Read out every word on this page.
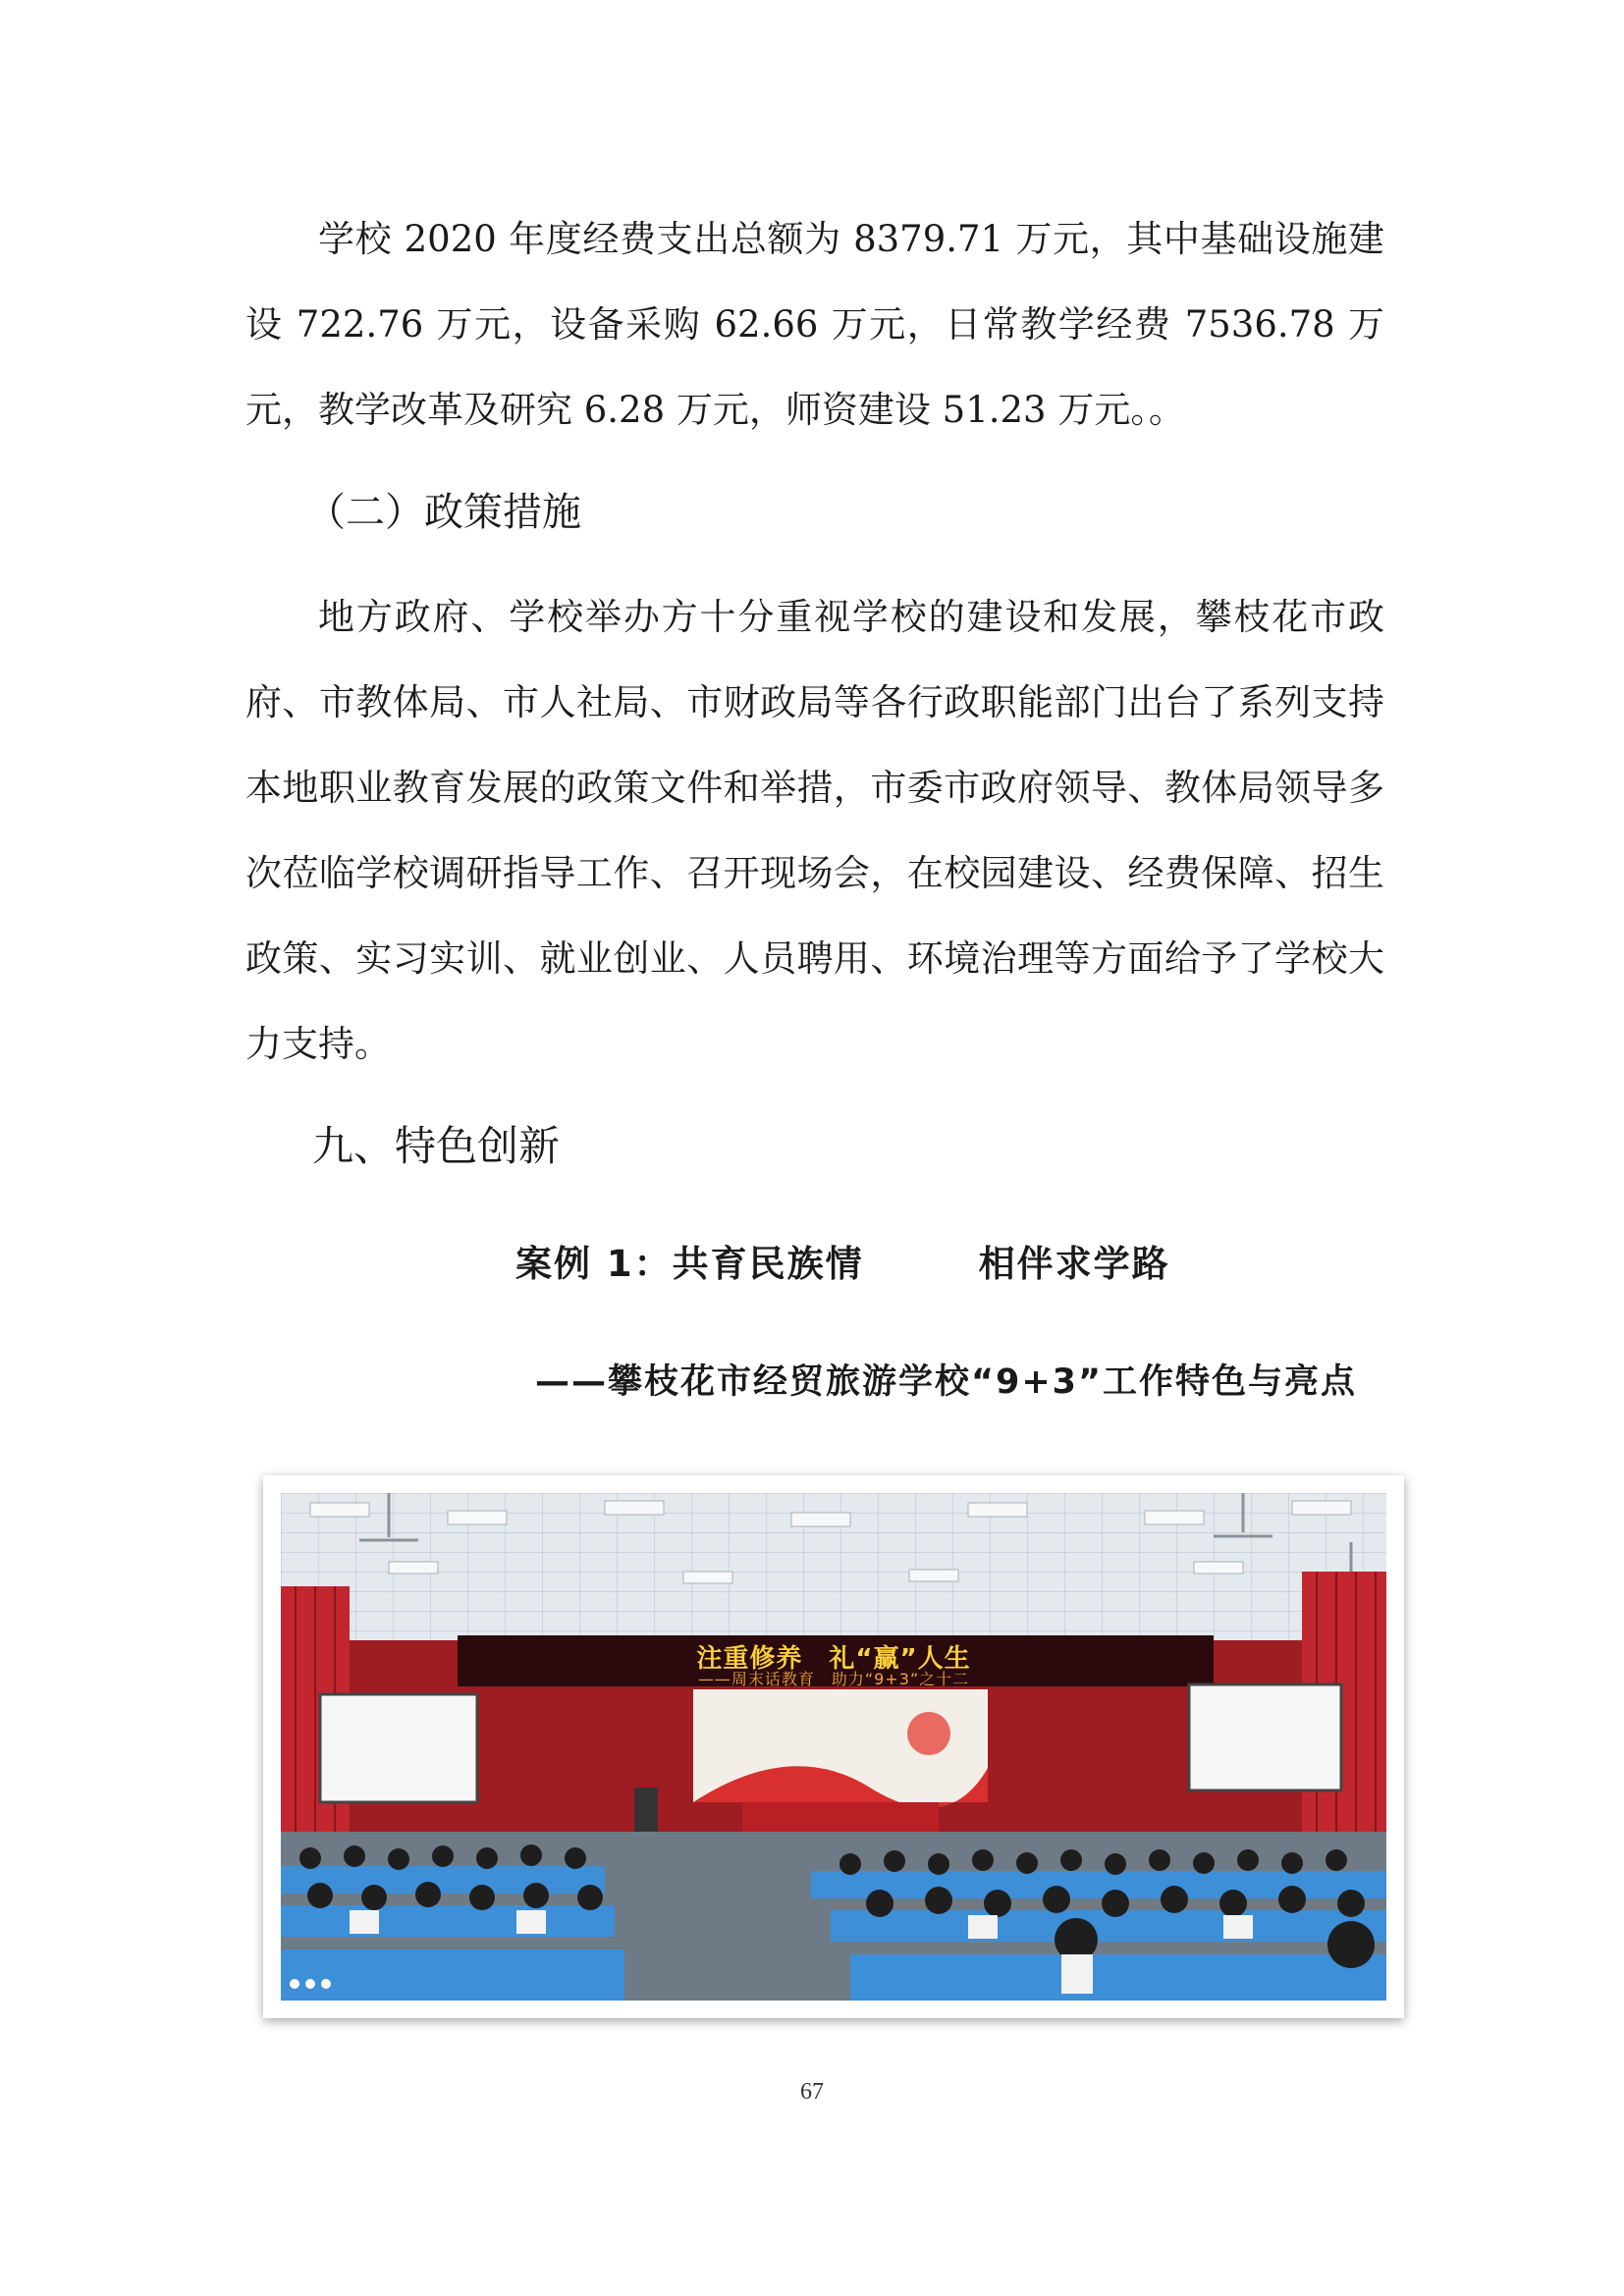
学校 2020 年度经费支出总额为 8379.71 万元，其中基础设施建设 722.76 万元，设备采购 62.66 万元，日常教学经费 7536.78 万元，教学改革及研究 6.28 万元，师资建设 51.23 万元。。

（二）政策措施

地方政府、学校举办方十分重视学校的建设和发展，攀枝花市政府、市教体局、市人社局、市财政局等各行政职能部门出台了系列支持本地职业教育发展的政策文件和举措，市委市政府领导、教体局领导多次莅临学校调研指导工作、召开现场会，在校园建设、经费保障、招生政策、实习实训、就业创业、人员聘用、环境治理等方面给予了学校大力支持。

九、特色创新

案例 1：共育民族情　　　相伴求学路

——攀枝花市经贸旅游学校“9+3”工作特色与亮点

注重修养　礼“赢”人生
——周末话教育　助力“9+3”之十二
67
